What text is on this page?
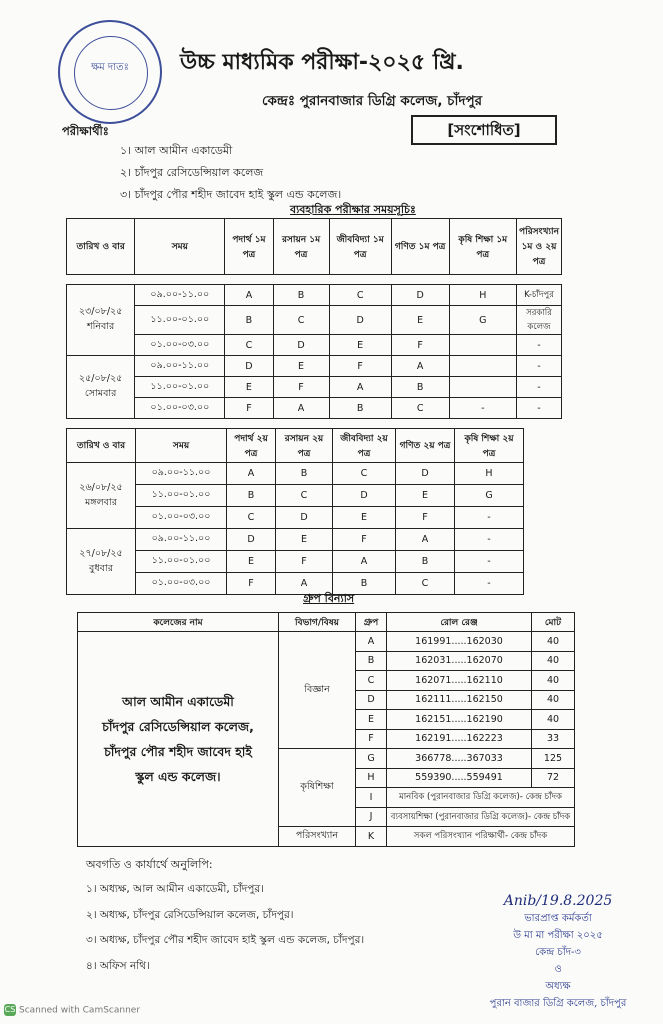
ক্ষম দাতঃ	উচ্চ মাধ্যমিক পরীক্ষা-২০২৫ খ্রি.
কেন্দ্রঃ পুরানবাজার ডিগ্রি কলেজ, চাঁদপুর
[সংশোধিত]
পরীক্ষার্থীঃ
১। আল আমীন একাডেমী
২। চাঁদপুর রেসিডেন্সিয়াল কলেজ
৩। চাঁদপুর পৌর শহীদ জাবেদ হাই স্কুল এন্ড কলেজ।
ব্যবহারিক পরীক্ষার সময়সূচিঃ
তারিখ ও বার	সময়	পদার্থ ১ম পত্র	রসায়ন ১ম পত্র	জীববিদ্যা ১ম পত্র	গণিত ১ম পত্র	কৃষি শিক্ষা ১ম পত্র	পরিসংখ্যান ১ম ও ২য় পত্র

২৩/০৮/২৫
শনিবার	০৯.০০-১১.০০	A	B	C	D	H	K-চাঁদপুর
	১১.০০-০১.০০	B	C	D	E	G	সরকারি কলেজ
	০১.০০-০৩.০০	C	D	E	F		-
২৫/০৮/২৫
সোমবার	০৯.০০-১১.০০	D	E	F	A		-
	১১.০০-০১.০০	E	F	A	B		-
	০১.০০-০৩.০০	F	A	B	C	-	-
তারিখ ও বার	সময়	পদার্থ ২য় পত্র	রসায়ন ২য় পত্র	জীববিদ্যা ২য় পত্র	গণিত ২য় পত্র	কৃষি শিক্ষা ২য় পত্র	
২৬/০৮/২৫
মঙ্গলবার	০৯.০০-১১.০০	A	B	C	D	H	
	১১.০০-০১.০০	B	C	D	E	G	
	০১.০০-০৩.০০	C	D	E	F	-	
২৭/০৮/২৫
বুধবার	০৯.০০-১১.০০	D	E	F	A	-	
	১১.০০-০১.০০	E	F	A	B	-	
	০১.০০-০৩.০০	F	A	B	C	-	
গ্রুপ বিন্যাস
কলেজের নাম	বিভাগ/বিষয়	গ্রুপ	রোল রেঞ্জ	মোট

আল আমীন একাডেমী
চাঁদপুর রেসিডেন্সিয়াল কলেজ,
চাঁদপুর পৌর শহীদ জাবেদ হাই
স্কুল এন্ড কলেজ।	বিজ্ঞান	A	161991.....162030	40
		B	162031.....162070	40
		C	162071.....162110	40
		D	162111.....162150	40
		E	162151.....162190	40
		F	162191.....162223	33
	কৃষিশিক্ষা	G	366778.....367033	125
		H	559390.....559491	72
		I	মানবিক (পুরানবাজার ডিগ্রি কলেজ)- কেন্দ্র চাঁদক	
		J	ব্যবসায়শিক্ষা (পুরানবাজার ডিগ্রি কলেজ)- কেন্দ্র চাঁদক	
	পরিসংখ্যান	K	সকল পরিসংখ্যান পরিক্ষার্থী- কেন্দ্র চাঁদক	
অবগতি ও কার্যার্থে অনুলিপি:
১। অধ্যক্ষ, আল আমীন একাডেমী, চাঁদপুর।
২। অধ্যক্ষ, চাঁদপুর রেসিডেন্সিয়াল কলেজ, চাঁদপুর।
৩। অধ্যক্ষ, চাঁদপুর পৌর শহীদ জাবেদ হাই স্কুল এন্ড কলেজ, চাঁদপুর।
৪। অফিস নথি।
Anib/19.8.2025
ভারপ্রাপ্ত কর্মকর্তা
উ মা মা পরীক্ষা ২০২৫
কেন্দ্র চাঁদ-৩
ও
অধ্যক্ষ
পুরান বাজার ডিগ্রি কলেজ, চাঁদপুর
CS Scanned with CamScanner
